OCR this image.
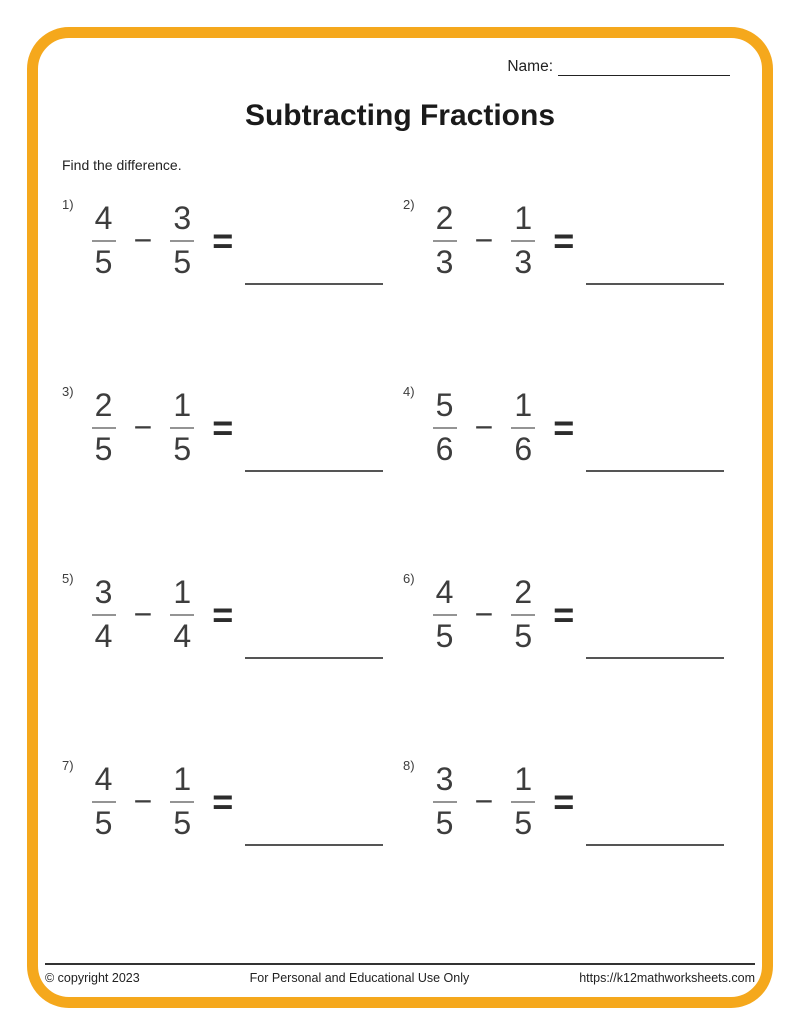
Name:
Subtracting Fractions
Find the difference.
$1) \frac{4}{5} - \frac{3}{5}$ =
$2) \frac{2}{3} - \frac{1}{3}$ =
$3) \frac{2}{5} - \frac{1}{5}$ =
$4) \frac{5}{6} - \frac{1}{6}$ =
$5) \frac{3}{4} - \frac{1}{4}$ =
$6) \frac{4}{5} - \frac{2}{5}$ =
$7) \frac{4}{5} - \frac{1}{5}$ =
$8) \frac{3}{5} - \frac{1}{5}$ =
© copyright 2023	For Personal and Educational Use Only	https://k12mathworksheets.com
